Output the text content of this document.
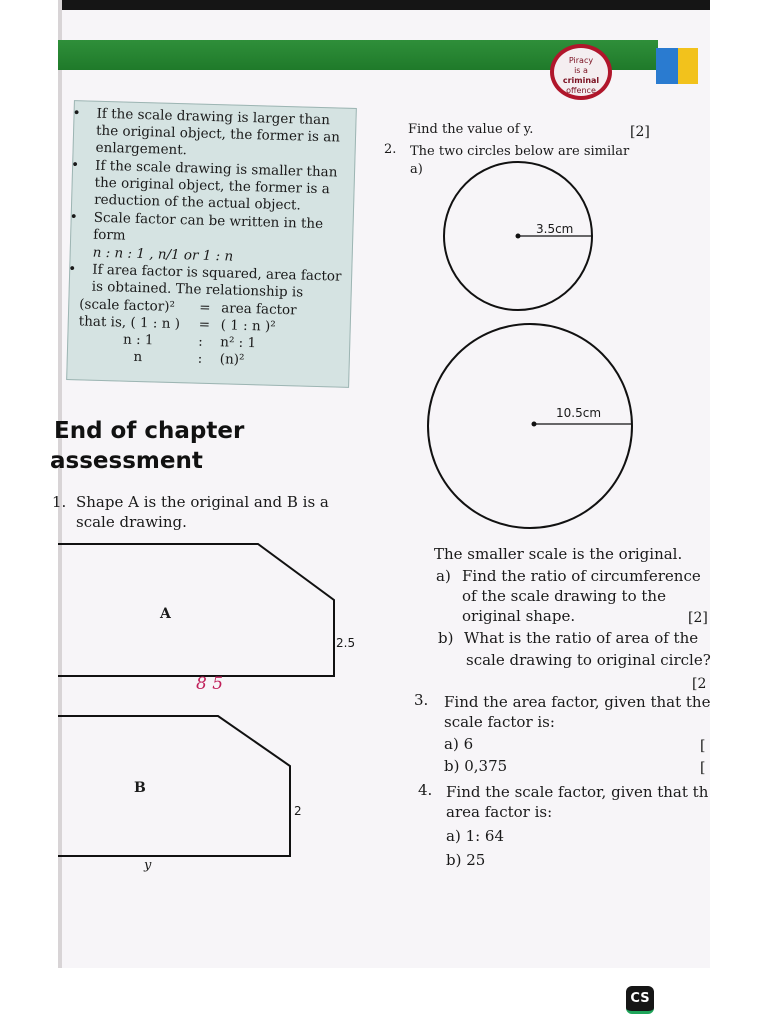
Piracy
is a
criminal
offence
• If the scale drawing is larger than the original object, the former is an enlargement.
• If the scale drawing is smaller than the original object, the former is a reduction of the actual object.
• Scale factor can be written in the form
n : n : 1 , n/1 or 1 : n
• If area factor is squared, area factor is obtained. The relationship is
(scale factor)²	= area factor
that is, ( 1 : n )	= ( 1 : n )²
n : 1	:	n² : 1
n	:	(n)²
End of chapter
assessment
1. Shape A is the original and B is a
scale drawing.
A
2.5
8 5
B
2
y
Find the value of y.	[2]
2. The two circles below are similar
a)
3.5cm
10.5cm
The smaller scale is the original.
a) Find the ratio of circumference
of the scale drawing to the
original shape.	[2]
b) What is the ratio of area of the
scale drawing to original circle?
[2
3. Find the area factor, given that the
scale factor is:
a) 6	[
b) 0,375	[
4. Find the scale factor, given that th
area factor is:
a) 1: 64
b) 25
CS
